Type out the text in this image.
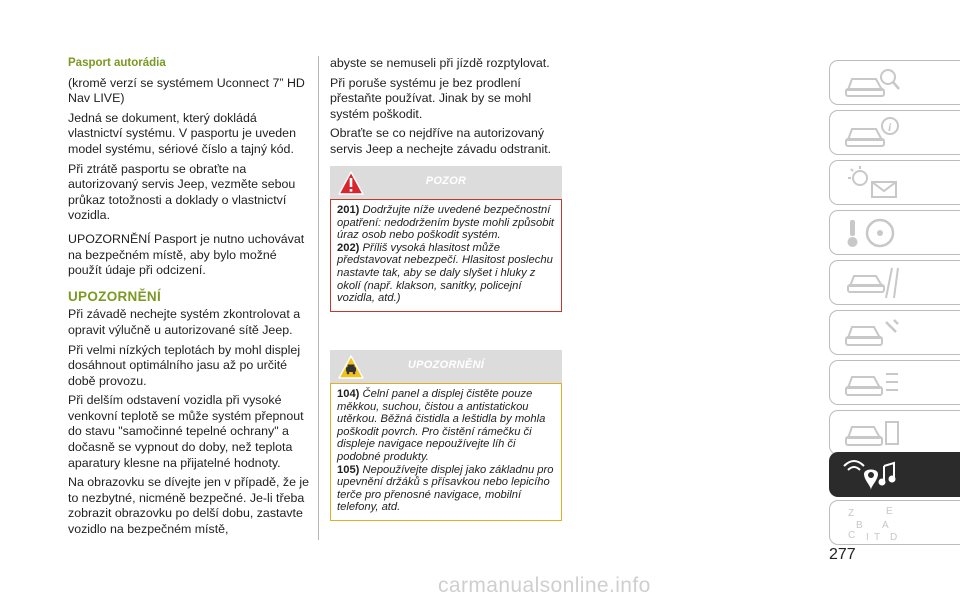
Pasport autorádia

(kromě verzí se systémem Uconnect 7” HD Nav LIVE)

Jedná se dokument, který dokládá vlastnictví systému. V pasportu je uveden model systému, sériové číslo a tajný kód.

Při ztrátě pasportu se obraťte na autorizovaný servis Jeep, vezměte sebou průkaz totožnosti a doklady o vlastnictví vozidla.

UPOZORNĚNÍ Pasport je nutno uchovávat na bezpečném místě, aby bylo možné použít údaje při odcizení.

UPOZORNĚNÍ

Při závadě nechejte systém zkontrolovat a opravit výlučně u autorizované sítě Jeep.

Při velmi nízkých teplotách by mohl displej dosáhnout optimálního jasu až po určité době provozu.

Při delším odstavení vozidla při vysoké venkovní teplotě se může systém přepnout do stavu "samočinné tepelné ochrany" a dočasně se vypnout do doby, než teplota aparatury klesne na přijatelné hodnoty.

Na obrazovku se dívejte jen v případě, že je to nezbytné, nicméně bezpečné. Je-li třeba zobrazit obrazovku po delší dobu, zastavte vozidlo na bezpečném místě,

abyste se nemuseli při jízdě rozptylovat.

Při poruše systému je bez prodlení přestaňte používat. Jinak by se mohl systém poškodit.

Obraťte se co nejdříve na autorizovaný servis Jeep a nechejte závadu odstranit.

POZOR
201) Dodržujte níže uvedené bezpečnostní opatření: nedodržením byste mohli způsobit úraz osob nebo poškodit systém.
202) Příliš vysoká hlasitost může představovat nebezpečí. Hlasitost poslechu nastavte tak, aby se daly slyšet i hluky z okolí (např. klakson, sanitky, policejní vozidla, atd.)
UPOZORNĚNÍ
104) Čelní panel a displej čistěte pouze měkkou, suchou, čistou a antistatickou utěrkou. Běžná čistidla a leštidla by mohla poškodit povrch. Pro čistění rámečku či displeje navigace nepoužívejte líh či podobné produkty.
105) Nepoužívejte displej jako základnu pro upevnění držáků s přísavkou nebo lepicího terče pro přenosné navigace, mobilní telefony, atd.
i
Z	E
B A
C I T D
277
carmanualsonline.info
